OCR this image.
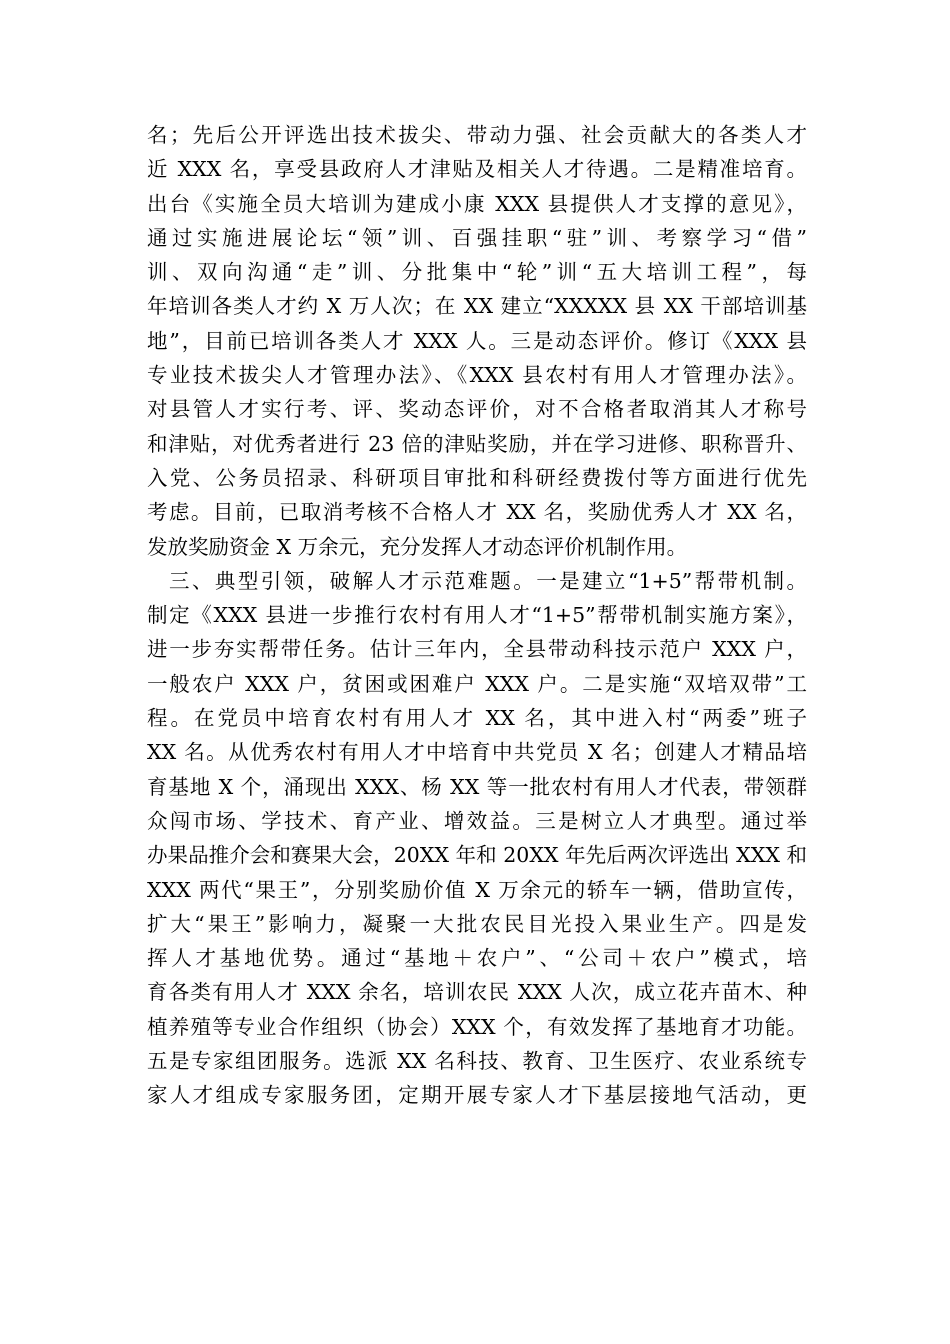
名；先后公开评选出技术拔尖、带动力强、社会贡献大的各类人才
近 XXX 名，享受县政府人才津贴及相关人才待遇。二是精准培育。
出台《实施全员大培训为建成小康 XXX 县提供人才支撑的意见》，
通过实施进展论坛“领”训、百强挂职“驻”训、考察学习“借”
训、双向沟通“走”训、分批集中“轮”训“五大培训工程”，每
年培训各类人才约 X 万人次；在 XX 建立“XXXXX 县 XX 干部培训基
地”，目前已培训各类人才 XXX 人。三是动态评价。修订《XXX 县
专业技术拔尖人才管理办法》、《XXX 县农村有用人才管理办法》。
对县管人才实行考、评、奖动态评价，对不合格者取消其人才称号
和津贴，对优秀者进行 23 倍的津贴奖励，并在学习进修、职称晋升、
入党、公务员招录、科研项目审批和科研经费拨付等方面进行优先
考虑。目前，已取消考核不合格人才 XX 名，奖励优秀人才 XX 名，
发放奖励资金 X 万余元，充分发挥人才动态评价机制作用。
三、典型引领，破解人才示范难题。一是建立“1+5”帮带机制。
制定《XXX 县进一步推行农村有用人才“1+5”帮带机制实施方案》，
进一步夯实帮带任务。估计三年内，全县带动科技示范户 XXX 户，
一般农户 XXX 户，贫困或困难户 XXX 户。二是实施“双培双带”工
程。在党员中培育农村有用人才 XX 名，其中进入村“两委”班子
XX 名。从优秀农村有用人才中培育中共党员 X 名；创建人才精品培
育基地 X 个，涌现出 XXX、杨 XX 等一批农村有用人才代表，带领群
众闯市场、学技术、育产业、增效益。三是树立人才典型。通过举
办果品推介会和赛果大会，20XX 年和 20XX 年先后两次评选出 XXX 和
XXX 两代“果王”，分别奖励价值 X 万余元的轿车一辆，借助宣传，
扩大“果王”影响力，凝聚一大批农民目光投入果业生产。四是发
挥人才基地优势。通过“基地＋农户”、“公司＋农户”模式，培
育各类有用人才 XXX 余名，培训农民 XXX 人次，成立花卉苗木、种
植养殖等专业合作组织（协会）XXX 个，有效发挥了基地育才功能。
五是专家组团服务。选派 XX 名科技、教育、卫生医疗、农业系统专
家人才组成专家服务团，定期开展专家人才下基层接地气活动，更
